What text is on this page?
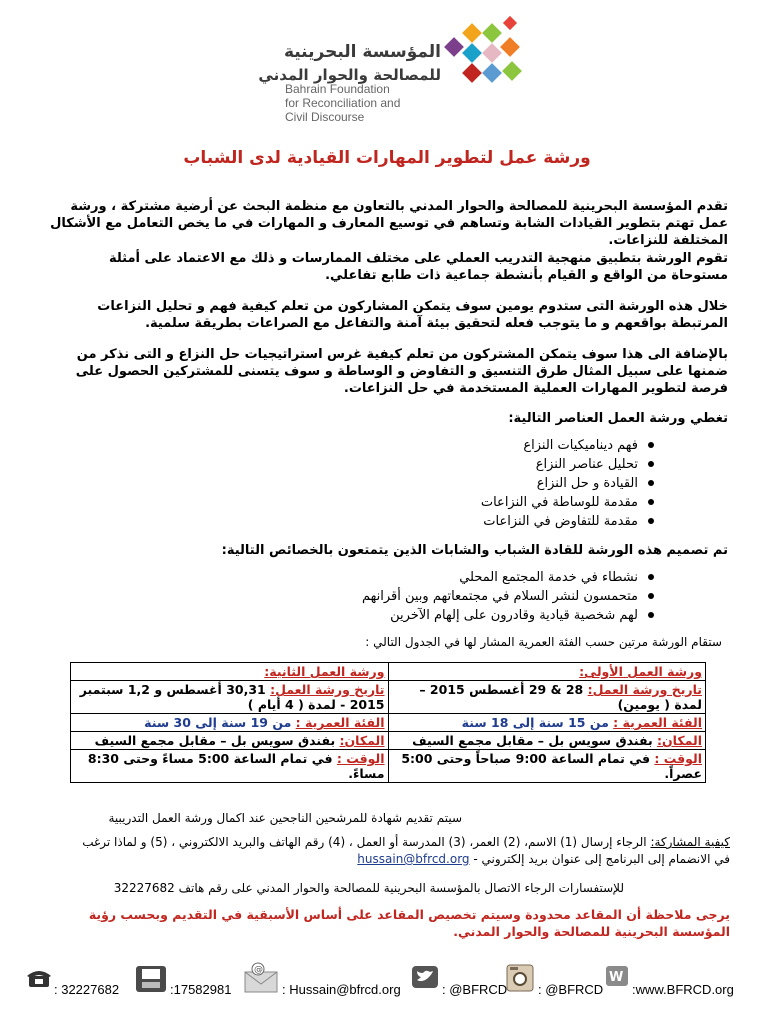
المؤسسة البحرينية
للمصالحة والحوار المدني
Bahrain Foundation
for Reconciliation and
Civil Discourse
ورشة عمل لتطوير المهارات القيادية لدى الشباب
تقدم المؤسسة البحرينية للمصالحة والحوار المدني بالتعاون مع منظمة البحث عن أرضية مشتركة ، ورشة عمل تهتم بتطوير القيادات الشابة وتساهم في توسيع المعارف و المهارات في ما يخص التعامل مع الأشكال المختلفة للنزاعات.
تقوم الورشة بتطبيق منهجية التدريب العملي على مختلف الممارسات و ذلك مع الاعتماد على أمثلة مستوحاة من الواقع و القيام بأنشطة جماعية ذات طابع تفاعلي.
خلال هذه الورشة التى ستدوم يومين سوف يتمكن المشاركون من تعلم كيفية فهم و تحليل النزاعات المرتبطة بواقعهم و ما يتوجب فعله لتحقيق بيئة آمنة والتفاعل مع الصراعات بطريقة سلمية.
بالإضافة الى هذا سوف يتمكن المشتركون من تعلم كيفية غرس استراتيجيات حل النزاع و التى نذكر من ضمنها على سبيل المثال طرق التنسيق و التفاوض و الوساطة و سوف يتسنى للمشتركين الحصول على فرصة لتطوير المهارات العملية المستخدمة في حل النزاعات.
تغطي ورشة العمل العناصر التالية:
فهم ديناميكيات النزاع
تحليل عناصر النزاع
القيادة و حل النزاع
مقدمة للوساطة في النزاعات
مقدمة للتفاوض في النزاعات
تم تصميم هذه الورشة للقادة الشباب والشابات الذين يتمتعون بالخصائص التالية:
نشطاء في خدمة المجتمع المحلي
متحمسون لنشر السلام في مجتمعاتهم وبين أقرانهم
لهم شخصية قيادية وقادرون على إلهام الآخرين
ستقام الورشة مرتين حسب الفئة العمرية المشار لها في الجدول التالي :
ورشة العمل الأولى:	ورشة العمل الثانية:
تاريخ ورشة العمل: 28 & 29 أغسطس 2015 – لمدة ( يومين)	تاريخ ورشة العمل: 30,31 أغسطس و 1,2 سبتمبر 2015 - لمدة ( 4 أيام )
الفئة العمرية : من 15 سنة إلى 18 سنة	الفئة العمرية : من 19 سنة إلى 30 سنة
المكان: بفندق سويس بل – مقابل مجمع السيف	المكان: بفندق سويس بل – مقابل مجمع السيف
الوقت : في تمام الساعة 9:00 صباحاً وحتى 5:00 عصراً.	الوقت : في تمام الساعة 5:00 مساءً وحتى 8:30 مساءً.
سيتم تقديم شهادة للمرشحين الناجحين عند اكمال ورشة العمل التدريبية
كيفية المشاركة: الرجاء إرسال (1) الاسم، (2) العمر، (3) المدرسة أو العمل ، (4) رقم الهاتف والبريد الالكتروني ، (5) و لماذا ترغب في الانضمام إلى البرنامج إلى عنوان بريد إلكتروني - hussain@bfrcd.org
للإستفسارات الرجاء الاتصال بالمؤسسة البحرينية للمصالحة والحوار المدني على رقم هاتف 32227682
يرجى ملاحظة أن المقاعد محدودة وسيتم تخصيص المقاعد على أساس الأسبقية في التقديم وبحسب رؤية المؤسسة البحرينية للمصالحة والحوار المدني.
: 32227682	:17582981
@
: Hussain@bfrcd.org	: @BFRCD : @BFRCD
W
:www.BFRCD.org
